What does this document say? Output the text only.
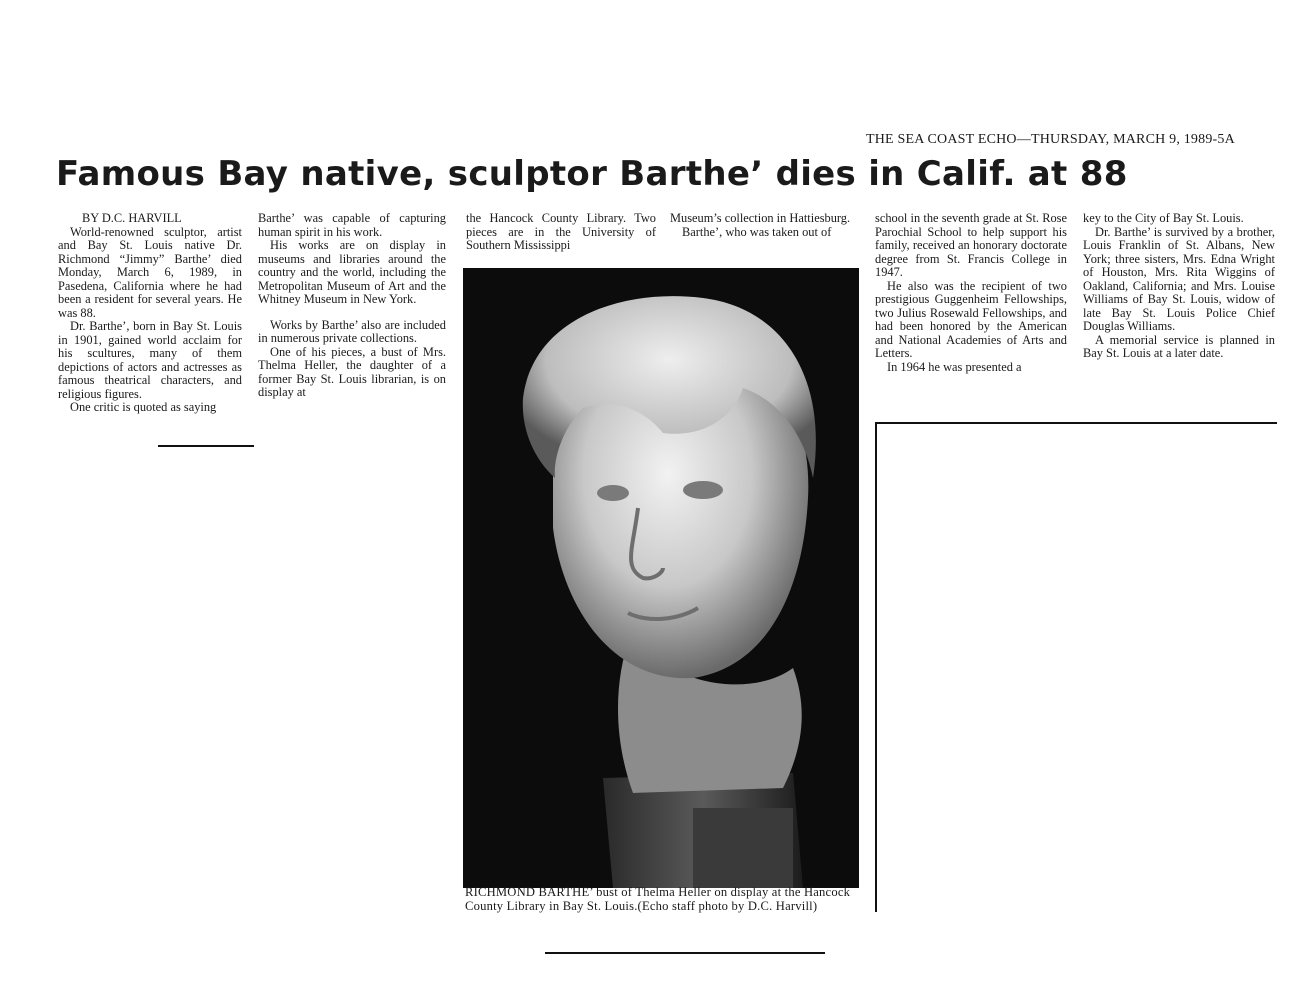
THE SEA COAST ECHO—THURSDAY, MARCH 9, 1989-5A
Famous Bay native, sculptor Barthe’ dies in Calif. at 88

BY D.C. HARVILL

World-renowned sculptor, artist and Bay St. Louis native Dr. Richmond “Jimmy” Barthe’ died Monday, March 6, 1989, in Pasedena, California where he had been a resident for several years. He was 88.

Dr. Barthe’, born in Bay St. Louis in 1901, gained world acclaim for his scultures, many of them depictions of actors and actresses as famous theatrical characters, and religious figures.

One critic is quoted as saying

Barthe’ was capable of capturing human spirit in his work.

His works are on display in museums and libraries around the country and the world, including the Metropolitan Museum of Art and the Whitney Museum in New York.

Works by Barthe’ also are included in numerous private collections.

One of his pieces, a bust of Mrs. Thelma Heller, the daughter of a former Bay St. Louis librarian, is on display at

the Hancock County Library. Two pieces are in the University of Southern Mississippi

Museum’s collection in Hattiesburg.

Barthe’, who was taken out of

school in the seventh grade at St. Rose Parochial School to help support his family, received an honorary doctorate degree from St. Francis College in 1947.

He also was the recipient of two prestigious Guggenheim Fellowships, two Julius Rosewald Fellowships, and had been honored by the American and National Academies of Arts and Letters.

In 1964 he was presented a

key to the City of Bay St. Louis.

Dr. Barthe’ is survived by a brother, Louis Franklin of St. Albans, New York; three sisters, Mrs. Edna Wright of Houston, Mrs. Rita Wiggins of Oakland, California; and Mrs. Louise Williams of Bay St. Louis, widow of late Bay St. Louis Police Chief Douglas Williams.

A memorial service is planned in Bay St. Louis at a later date.

RICHMOND BARTHE’ bust of Thelma Heller on display at the Hancock County Library in Bay St. Louis.(Echo staff photo by D.C. Harvill)
